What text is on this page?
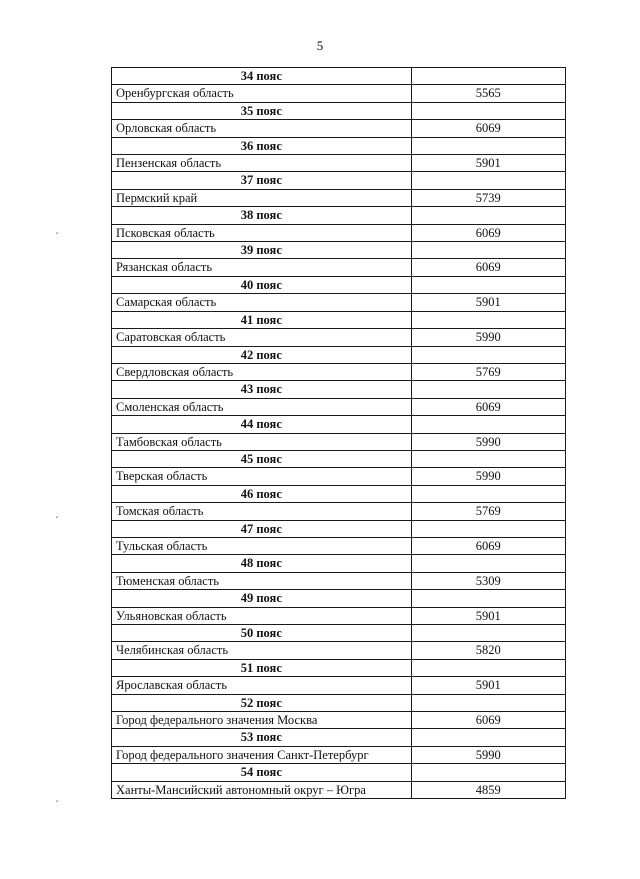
5
ˊ
ˊ
ˊ
34 пояс	
Оренбургская область	5565
35 пояс	
Орловская область	6069
36 пояс	
Пензенская область	5901
37 пояс	
Пермский край	5739
38 пояс	
Псковская область	6069
39 пояс	
Рязанская область	6069
40 пояс	
Самарская область	5901
41 пояс	
Саратовская область	5990
42 пояс	
Свердловская область	5769
43 пояс	
Смоленская область	6069
44 пояс	
Тамбовская область	5990
45 пояс	
Тверская область	5990
46 пояс	
Томская область	5769
47 пояс	
Тульская область	6069
48 пояс	
Тюменская область	5309
49 пояс	
Ульяновская область	5901
50 пояс	
Челябинская область	5820
51 пояс	
Ярославская область	5901
52 пояс	
Город федерального значения Москва	6069
53 пояс	
Город федерального значения Санкт-Петербург	5990
54 пояс	
Ханты-Мансийский автономный округ – Югра	4859
